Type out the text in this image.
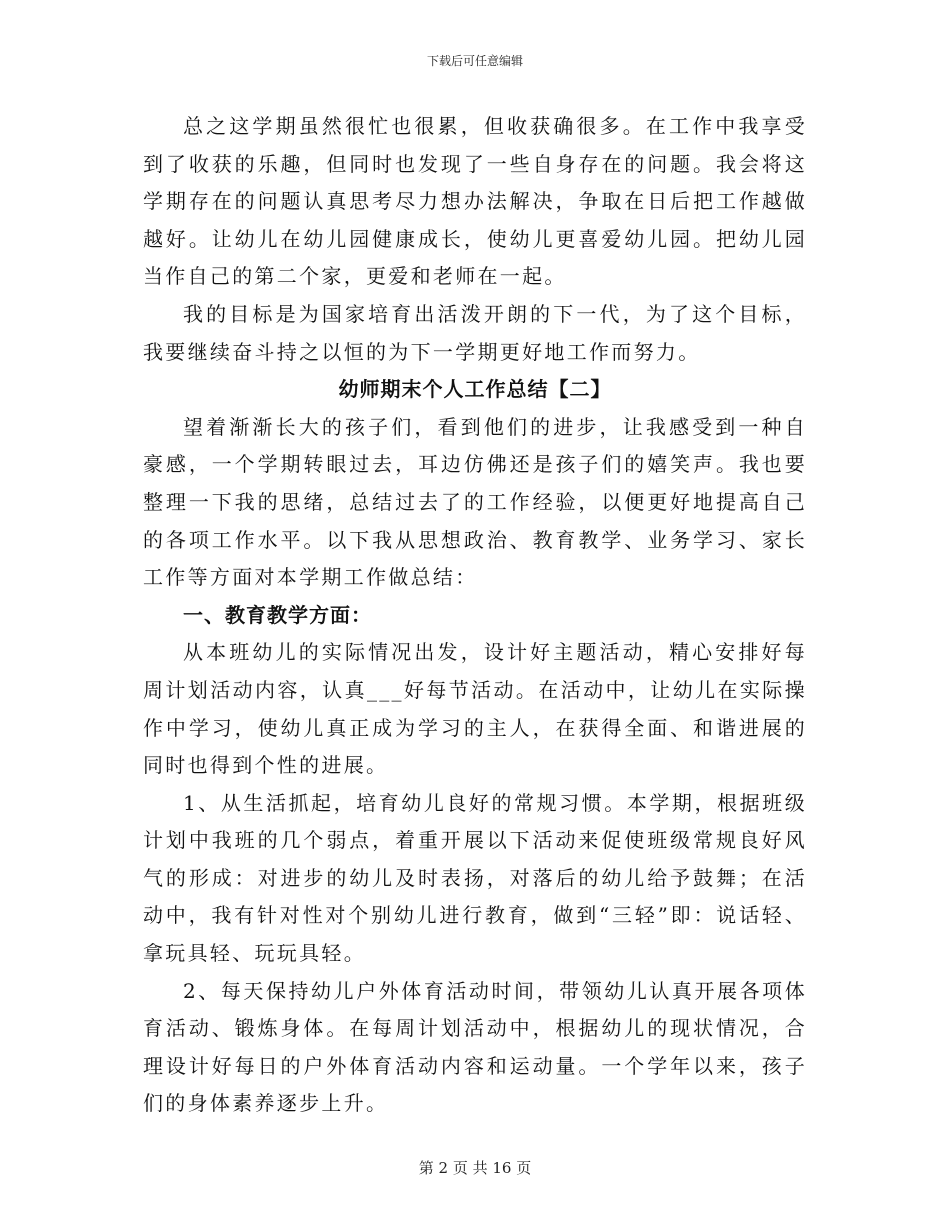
下载后可任意编辑

总之这学期虽然很忙也很累，但收获确很多。在工作中我享受到了收获的乐趣，但同时也发现了一些自身存在的问题。我会将这学期存在的问题认真思考尽力想办法解决，争取在日后把工作越做越好。让幼儿在幼儿园健康成长，使幼儿更喜爱幼儿园。把幼儿园当作自己的第二个家，更爱和老师在一起。

我的目标是为国家培育出活泼开朗的下一代，为了这个目标，我要继续奋斗持之以恒的为下一学期更好地工作而努力。

幼师期末个人工作总结【二】

望着渐渐长大的孩子们，看到他们的进步，让我感受到一种自豪感，一个学期转眼过去，耳边仿佛还是孩子们的嬉笑声。我也要整理一下我的思绪，总结过去了的工作经验，以便更好地提高自己的各项工作水平。以下我从思想政治、教育教学、业务学习、家长工作等方面对本学期工作做总结：

一、教育教学方面：

从本班幼儿的实际情况出发，设计好主题活动，精心安排好每周计划活动内容，认真___好每节活动。在活动中，让幼儿在实际操作中学习，使幼儿真正成为学习的主人，在获得全面、和谐进展的同时也得到个性的进展。

1、从生活抓起，培育幼儿良好的常规习惯。本学期，根据班级计划中我班的几个弱点，着重开展以下活动来促使班级常规良好风气的形成：对进步的幼儿及时表扬，对落后的幼儿给予鼓舞；在活动中，我有针对性对个别幼儿进行教育，做到“三轻”即：说话轻、拿玩具轻、玩玩具轻。

2、每天保持幼儿户外体育活动时间，带领幼儿认真开展各项体育活动、锻炼身体。在每周计划活动中，根据幼儿的现状情况，合理设计好每日的户外体育活动内容和运动量。一个学年以来，孩子们的身体素养逐步上升。

第 2 页 共 16 页
